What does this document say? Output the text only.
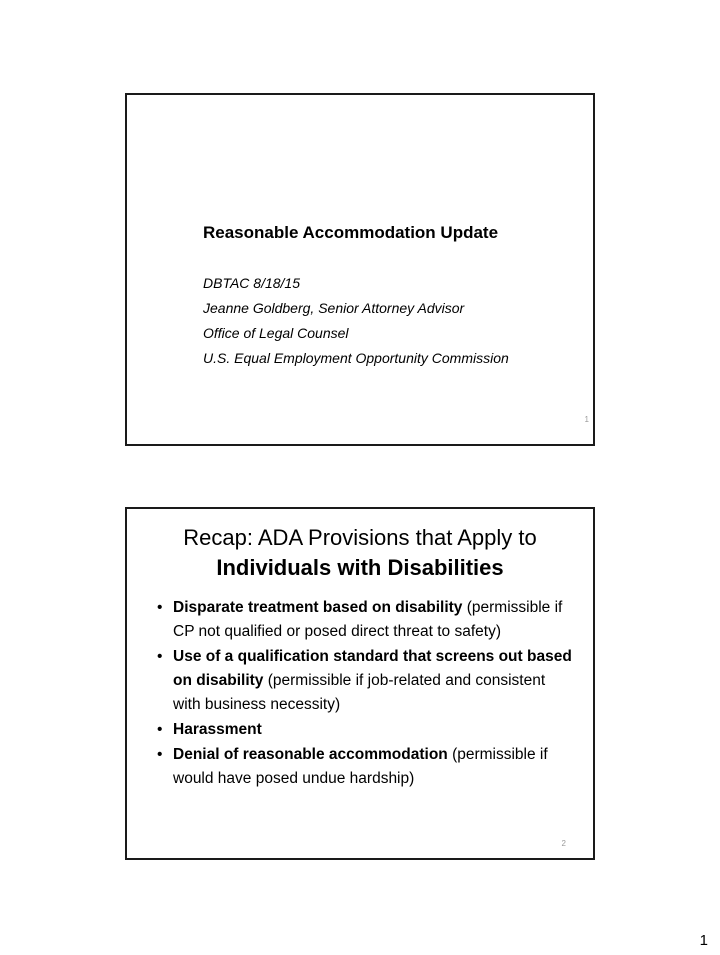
Reasonable Accommodation Update
DBTAC 8/18/15
Jeanne Goldberg, Senior Attorney Advisor
Office of Legal Counsel
U.S. Equal Employment Opportunity Commission
1
Recap: ADA Provisions that Apply to
Individuals with Disabilities
• Disparate treatment based on disability (permissible if CP not qualified or posed direct threat to safety)
• Use of a qualification standard that screens out based on disability (permissible if job-related and consistent with business necessity)
• Harassment
• Denial of reasonable accommodation (permissible if would have posed undue hardship)
2
1
